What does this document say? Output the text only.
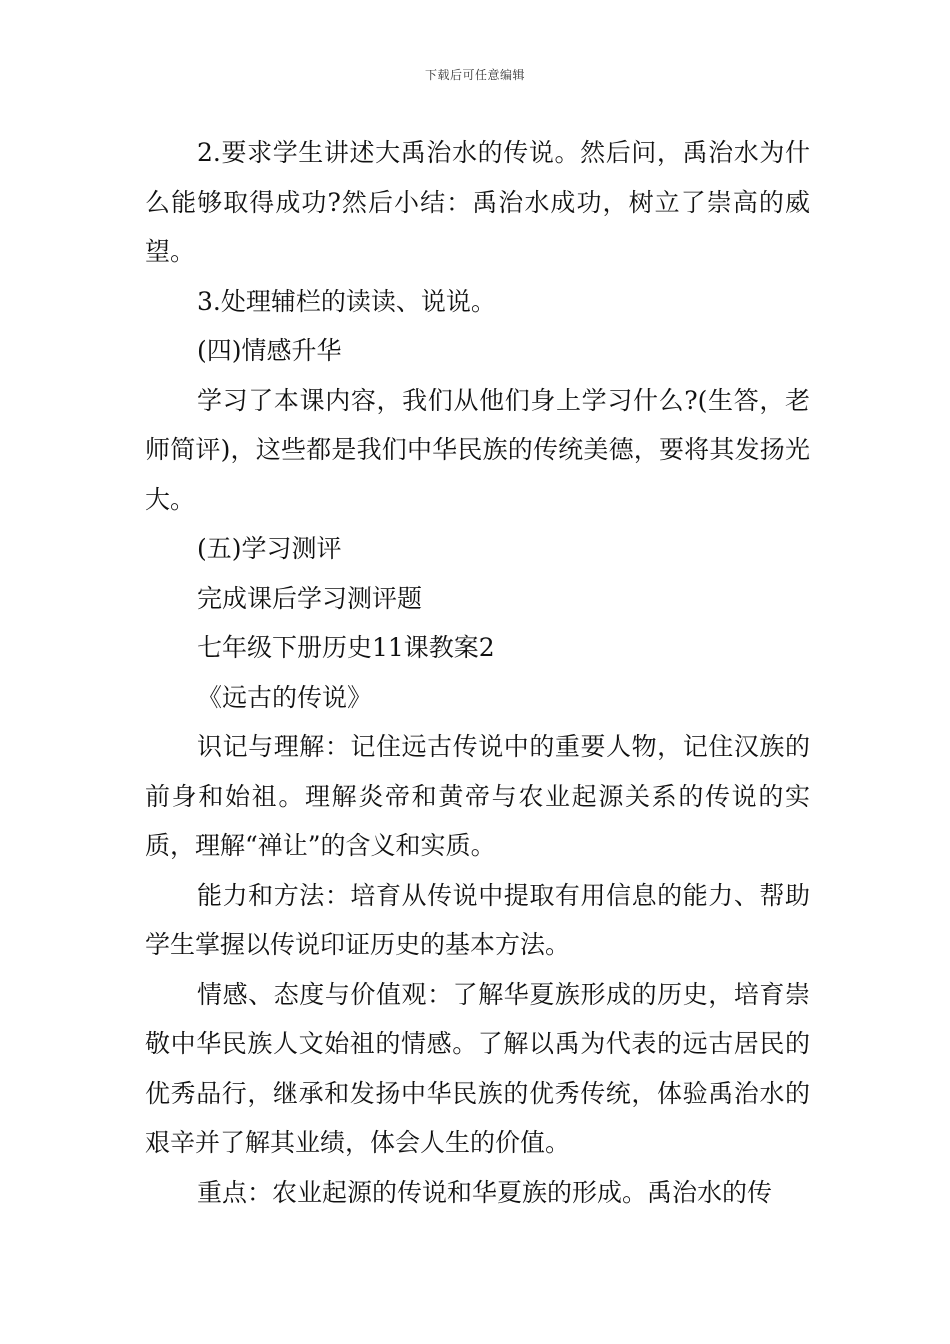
下载后可任意编辑

2.要求学生讲述大禹治水的传说。然后问，禹治水为什么能够取得成功?然后小结：禹治水成功，树立了崇高的威望。

3.处理辅栏的读读、说说。

(四)情感升华

学习了本课内容，我们从他们身上学习什么?(生答，老师简评)，这些都是我们中华民族的传统美德，要将其发扬光大。

(五)学习测评

完成课后学习测评题

七年级下册历史11课教案2

《远古的传说》

识记与理解：记住远古传说中的重要人物，记住汉族的前身和始祖。理解炎帝和黄帝与农业起源关系的传说的实质，理解“禅让”的含义和实质。

能力和方法：培育从传说中提取有用信息的能力、帮助学生掌握以传说印证历史的基本方法。

情感、态度与价值观：了解华夏族形成的历史，培育崇敬中华民族人文始祖的情感。了解以禹为代表的远古居民的优秀品行，继承和发扬中华民族的优秀传统，体验禹治水的艰辛并了解其业绩，体会人生的价值。

重点：农业起源的传说和华夏族的形成。禹治水的传
